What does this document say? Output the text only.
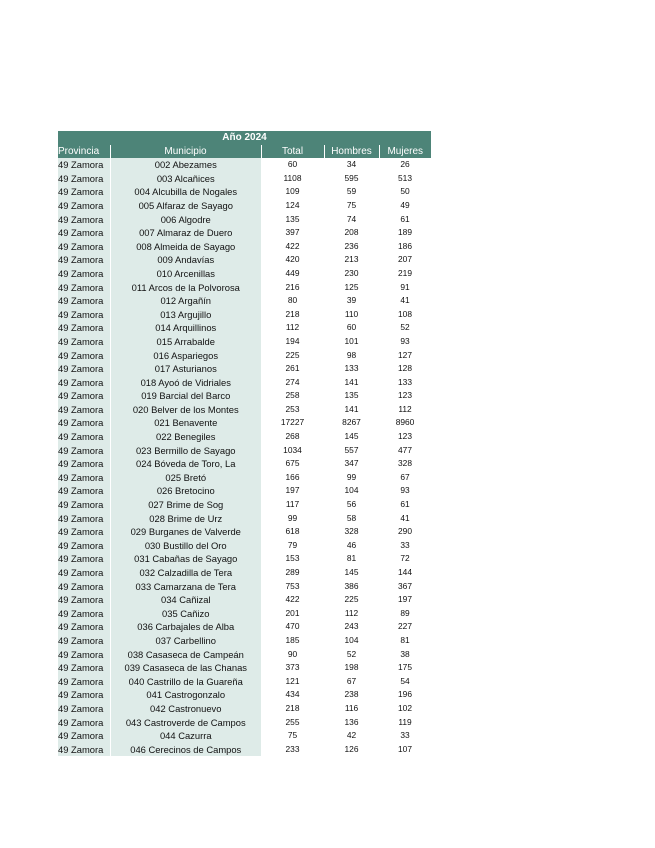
Año 2024				
Provincia	Municipio	Total	Hombres	Mujeres
49 Zamora	002 Abezames	60	34	26
49 Zamora	003 Alcañices	1108	595	513
49 Zamora	004 Alcubilla de Nogales	109	59	50
49 Zamora	005 Alfaraz de Sayago	124	75	49
49 Zamora	006 Algodre	135	74	61
49 Zamora	007 Almaraz de Duero	397	208	189
49 Zamora	008 Almeida de Sayago	422	236	186
49 Zamora	009 Andavías	420	213	207
49 Zamora	010 Arcenillas	449	230	219
49 Zamora	011 Arcos de la Polvorosa	216	125	91
49 Zamora	012 Argañín	80	39	41
49 Zamora	013 Argujillo	218	110	108
49 Zamora	014 Arquillinos	112	60	52
49 Zamora	015 Arrabalde	194	101	93
49 Zamora	016 Aspariegos	225	98	127
49 Zamora	017 Asturianos	261	133	128
49 Zamora	018 Ayoó de Vidriales	274	141	133
49 Zamora	019 Barcial del Barco	258	135	123
49 Zamora	020 Belver de los Montes	253	141	112
49 Zamora	021 Benavente	17227	8267	8960
49 Zamora	022 Benegiles	268	145	123
49 Zamora	023 Bermillo de Sayago	1034	557	477
49 Zamora	024 Bóveda de Toro, La	675	347	328
49 Zamora	025 Bretó	166	99	67
49 Zamora	026 Bretocino	197	104	93
49 Zamora	027 Brime de Sog	117	56	61
49 Zamora	028 Brime de Urz	99	58	41
49 Zamora	029 Burganes de Valverde	618	328	290
49 Zamora	030 Bustillo del Oro	79	46	33
49 Zamora	031 Cabañas de Sayago	153	81	72
49 Zamora	032 Calzadilla de Tera	289	145	144
49 Zamora	033 Camarzana de Tera	753	386	367
49 Zamora	034 Cañizal	422	225	197
49 Zamora	035 Cañizo	201	112	89
49 Zamora	036 Carbajales de Alba	470	243	227
49 Zamora	037 Carbellino	185	104	81
49 Zamora	038 Casaseca de Campeán	90	52	38
49 Zamora	039 Casaseca de las Chanas	373	198	175
49 Zamora	040 Castrillo de la Guareña	121	67	54
49 Zamora	041 Castrogonzalo	434	238	196
49 Zamora	042 Castronuevo	218	116	102
49 Zamora	043 Castroverde de Campos	255	136	119
49 Zamora	044 Cazurra	75	42	33
49 Zamora	046 Cerecinos de Campos	233	126	107
